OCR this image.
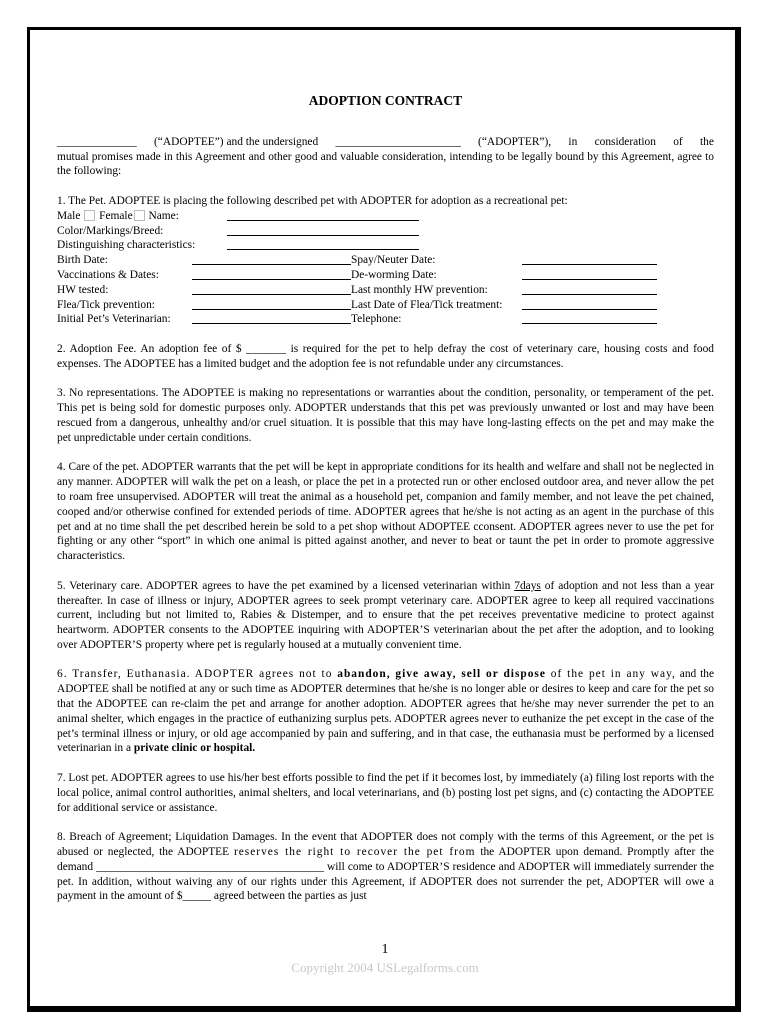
ADOPTION CONTRACT
______________ (“ADOPTEE”) and the undersigned ______________________ (“ADOPTER”), in consideration of the

mutual promises made in this Agreement and other good and valuable consideration, intending to be legally bound by this Agreement, agree to the following:

1. The Pet. ADOPTEE is placing the following described pet with ADOPTER for adoption as a recreational pet:
Male Female Name:
Color/Markings/Breed:
Distinguishing characteristics:
Birth Date:	Spay/Neuter Date:
Vaccinations & Dates:	De-worming Date:
HW tested:	Last monthly HW prevention:
Flea/Tick prevention:	Last Date of Flea/Tick treatment:
Initial Pet’s Veterinarian:	Telephone:

2. Adoption Fee. An adoption fee of $ _______ is required for the pet to help defray the cost of veterinary care, housing costs and food expenses. The ADOPTEE has a limited budget and the adoption fee is not refundable under any circumstances.

3. No representations. The ADOPTEE is making no representations or warranties about the condition, personality, or temperament of the pet. This pet is being sold for domestic purposes only. ADOPTER understands that this pet was previously unwanted or lost and may have been rescued from a dangerous, unhealthy and/or cruel situation. It is possible that this may have long-lasting effects on the pet and may make the pet unpredictable under certain conditions.

4. Care of the pet. ADOPTER warrants that the pet will be kept in appropriate conditions for its health and welfare and shall not be neglected in any manner. ADOPTER will walk the pet on a leash, or place the pet in a protected run or other enclosed outdoor area, and never allow the pet to roam free unsupervised. ADOPTER will treat the animal as a household pet, companion and family member, and not leave the pet chained, cooped and/or otherwise confined for extended periods of time. ADOPTER agrees that he/she is not acting as an agent in the purchase of this pet and at no time shall the pet described herein be sold to a pet shop without ADOPTEE cconsent. ADOPTER agrees never to use the pet for fighting or any other “sport” in which one animal is pitted against another, and never to beat or taunt the pet in order to promote aggressive characteristics.

5. Veterinary care. ADOPTER agrees to have the pet examined by a licensed veterinarian within 7days of adoption and not less than a year thereafter. In case of illness or injury, ADOPTER agrees to seek prompt veterinary care. ADOPTER agree to keep all required vaccinations current, including but not limited to, Rabies & Distemper, and to ensure that the pet receives preventative medicine to protect against heartworm. ADOPTER consents to the ADOPTEE inquiring with ADOPTER’S veterinarian about the pet after the adoption, and to looking over ADOPTER’S property where pet is regularly housed at a mutually convenient time.

6. Transfer, Euthanasia. ADOPTER agrees not to abandon, give away, sell or dispose of the pet in any way, and the ADOPTEE shall be notified at any or such time as ADOPTER determines that he/she is no longer able or desires to keep and care for the pet so that the ADOPTEE can re-claim the pet and arrange for another adoption. ADOPTER agrees that he/she may never surrender the pet to an animal shelter, which engages in the practice of euthanizing surplus pets. ADOPTER agrees never to euthanize the pet except in the case of the pet’s terminal illness or injury, or old age accompanied by pain and suffering, and in that case, the euthanasia must be performed by a licensed veterinarian in a private clinic or hospital.

7. Lost pet. ADOPTER agrees to use his/her best efforts possible to find the pet if it becomes lost, by immediately (a) filing lost reports with the local police, animal control authorities, animal shelters, and local veterinarians, and (b) posting lost pet signs, and (c) contacting the ADOPTEE for additional service or assistance.

8. Breach of Agreement; Liquidation Damages. In the event that ADOPTER does not comply with the terms of this Agreement, or the pet is abused or neglected, the ADOPTEE reserves the right to recover the pet from the ADOPTER upon demand. Promptly after the demand ________________________________________ will come to ADOPTER’S residence and ADOPTER will immediately surrender the pet. In addition, without waiving any of our rights under this Agreement, if ADOPTER does not surrender the pet, ADOPTER will owe a payment in the amount of $_____ agreed between the parties as just

1
Copyright 2004 USLegalforms.com
